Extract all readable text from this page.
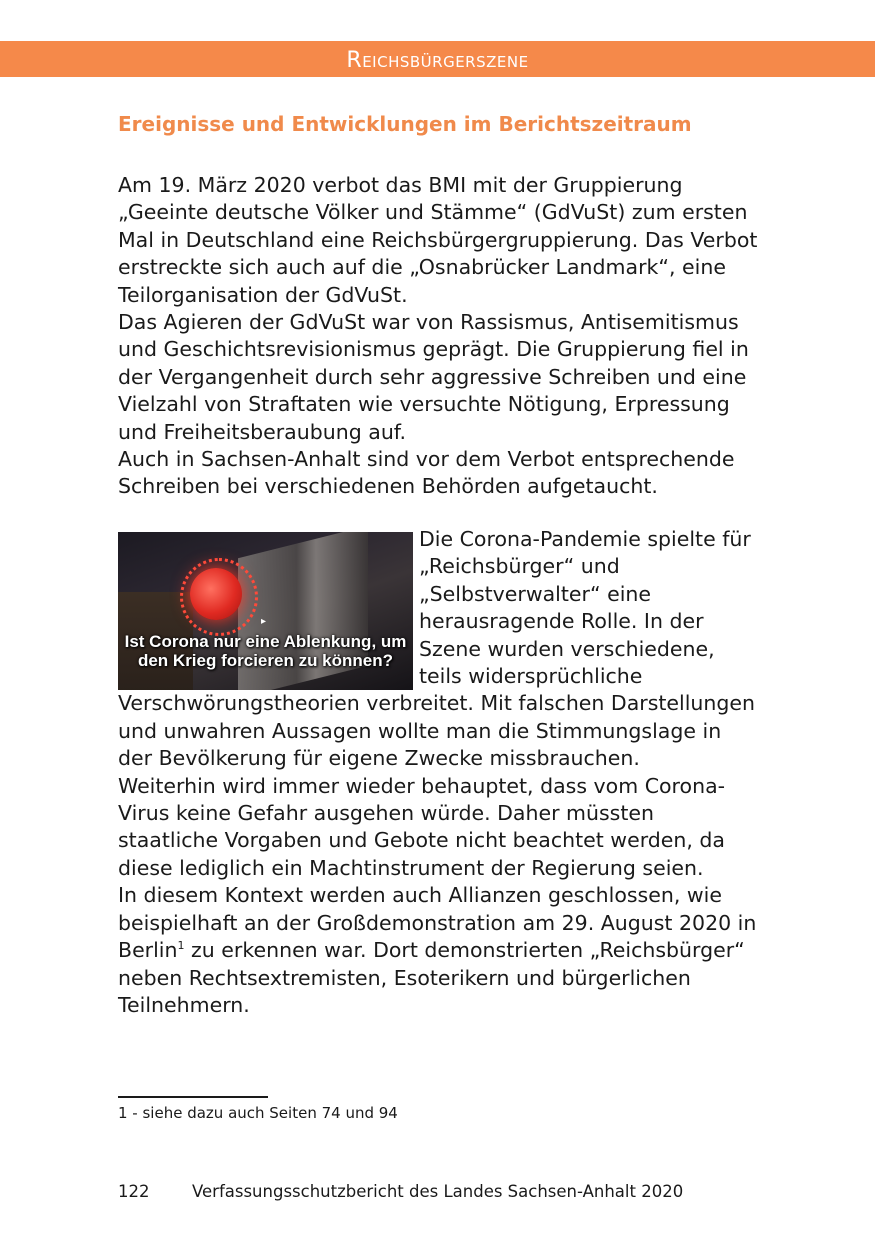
Reichsbürgerszene
Ereignisse und Entwicklungen im Berichtszeitraum

Am 19. März 2020 verbot das BMI mit der Gruppierung „Geeinte deutsche Völker und Stämme“ (GdVuSt) zum ersten Mal in Deutschland eine Reichsbürgergruppierung. Das Verbot erstreckte sich auch auf die „Osnabrücker Landmark“, eine Teilorganisation der GdVuSt.

Das Agieren der GdVuSt war von Rassismus, Antisemitismus und Geschichtsrevisionismus geprägt. Die Gruppierung fiel in der Vergangenheit durch sehr aggressive Schreiben und eine Vielzahl von Straftaten wie versuchte Nötigung, Erpressung und Freiheitsberaubung auf.

Auch in Sachsen-Anhalt sind vor dem Verbot entsprechende Schreiben bei verschiedenen Behörden aufgetaucht.

▸
Ist Corona nur eine Ablenkung, um den Krieg forcieren zu können?

Die Corona-Pandemie spielte für „Reichsbürger“ und „Selbstverwalter“ eine herausragende Rolle. In der Szene wurden verschiedene, teils widersprüchliche Verschwörungstheorien verbreitet. Mit falschen Darstellungen und unwahren Aussagen wollte man die Stimmungslage in der Bevölkerung für eigene Zwecke missbrauchen.

Weiterhin wird immer wieder behauptet, dass vom Corona-Virus keine Gefahr ausgehen würde. Daher müssten staatliche Vorgaben und Gebote nicht beachtet werden, da diese lediglich ein Machtinstrument der Regierung seien.

In diesem Kontext werden auch Allianzen geschlossen, wie beispielhaft an der Großdemonstration am 29. August 2020 in Berlin$^1$ zu erkennen war. Dort demonstrierten „Reichsbürger“ neben Rechtsextremisten, Esoterikern und bürgerlichen Teilnehmern.

1 - siehe dazu auch Seiten 74 und 94
122	Verfassungsschutzbericht des Landes Sachsen-Anhalt 2020
